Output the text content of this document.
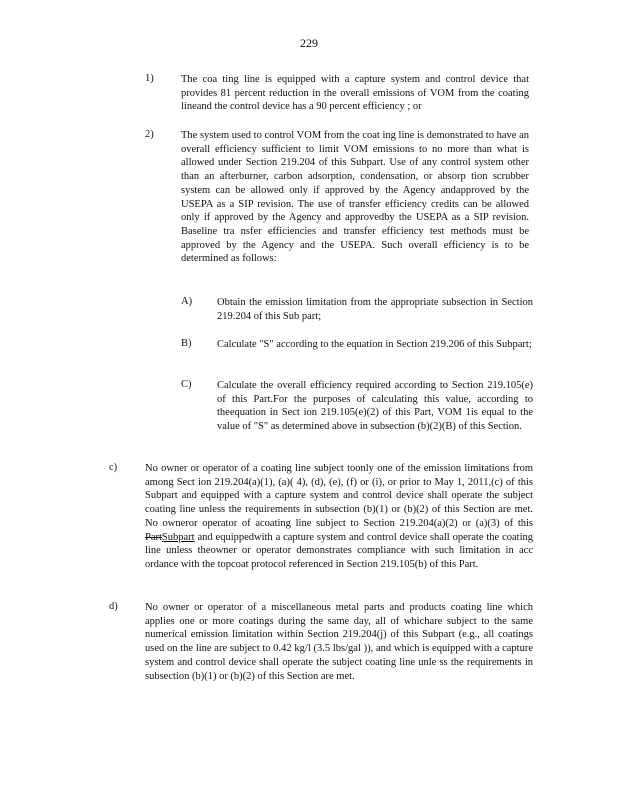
229
1)	The coa ting line is equipped with a capture system and control device that provides 81 percent reduction in the overall emissions of VOM from the coating lineand the control device has a 90 percent efficiency ; or

2)	The system used to control VOM from the coat ing line is demonstrated to have an overall efficiency sufficient to limit VOM emissions to no more than what is allowed under Section 219.204 of this Subpart. Use of any control system other than an afterburner, carbon adsorption, condensation, or absorp tion scrubber system can be allowed only if approved by the Agency andapproved by the USEPA as a SIP revision. The use of transfer efficiency credits can be allowed only if approved by the Agency and approvedby the USEPA as a SIP revision. Baseline tra nsfer efficiencies and transfer efficiency test methods must be approved by the Agency and the USEPA. Such overall efficiency is to be determined as follows:

A) Obtain the emission limitation from the appropriate subsection in Section 219.204 of this Sub part;

B) Calculate "S" according to the equation in Section 219.206 of this Subpart;

C) Calculate the overall efficiency required according to Section 219.105(e) of this Part.For the purposes of calculating this value, according to theequation in Sect ion 219.105(e)(2) of this Part, VOM 1is equal to the value of "S" as determined above in subsection (b)(2)(B) of this Section.

c)	No owner or operator of a coating line subject toonly one of the emission limitations from among Sect ion 219.204(a)(1), (a)( 4), (d), (e), (f) or (i), or prior to May 1, 2011,(c) of this Subpart and equipped with a capture system and control device shall operate the subject coating line unless the requirements in subsection (b)(1) or (b)(2) of this Section are met. No owneror operator of acoating line subject to Section 219.204(a)(2) or (a)(3) of this PartSubpart and equippedwith a capture system and control device shall operate the coating line unless theowner or operator demonstrates compliance with such limitation in acc ordance with the topcoat protocol referenced in Section 219.105(b) of this Part.

d)	No owner or operator of a miscellaneous metal parts and products coating line which applies one or more coatings during the same day, all of whichare subject to the same numerical emission limitation within Section 219.204(j) of this Subpart (e.g., all coatings used on the line are subject to 0.42 kg/l (3.5 lbs/gal )), and which is equipped with a capture system and control device shall operate the subject coating line unle ss the requirements in subsection (b)(1) or (b)(2) of this Section are met.
